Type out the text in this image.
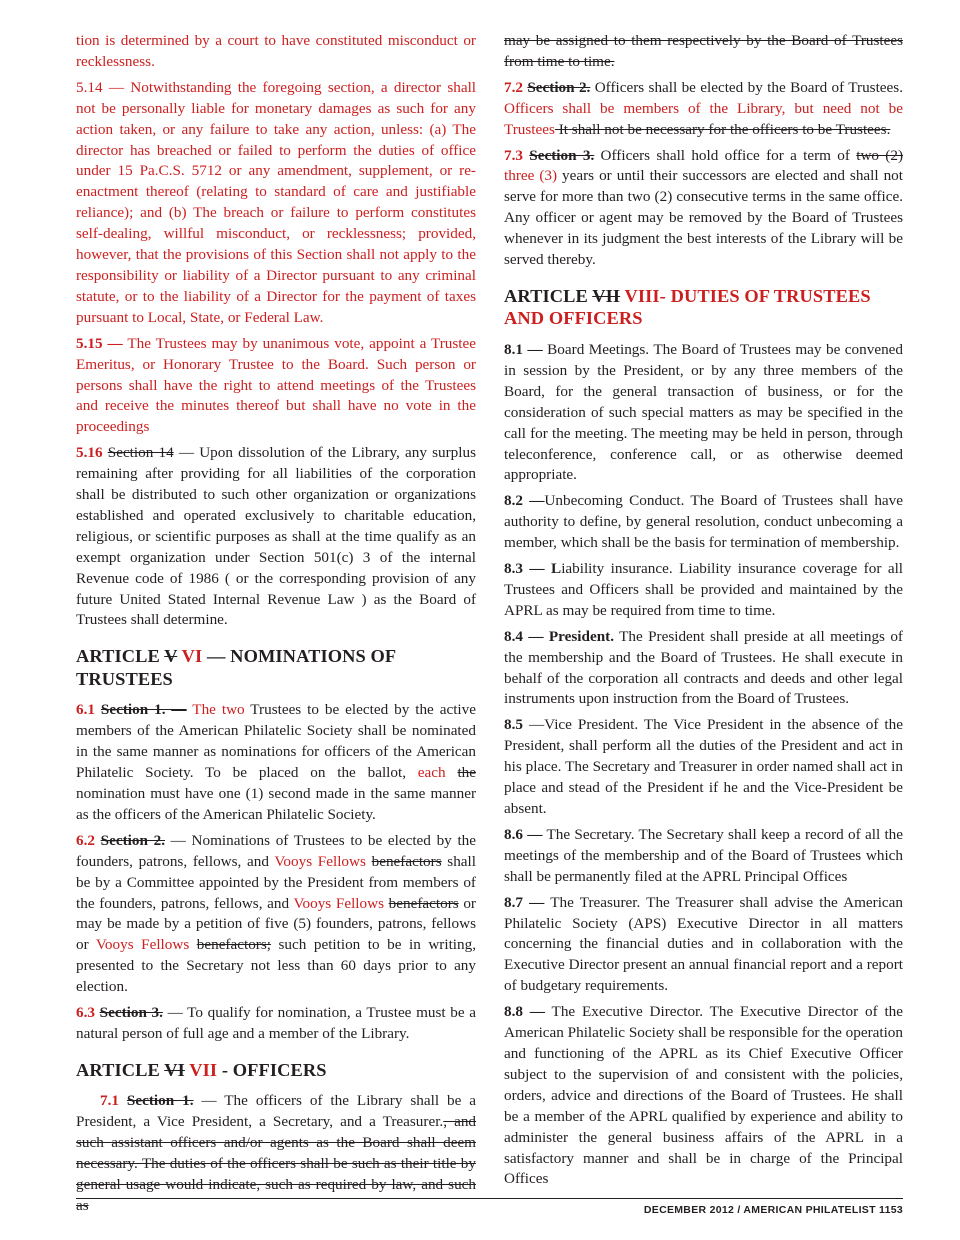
tion is determined by a court to have constituted misconduct or recklessness.

5.14 — Notwithstanding the foregoing section, a director shall not be personally liable for monetary damages as such for any action taken, or any failure to take any action, unless: (a) The director has breached or failed to perform the duties of office under 15 Pa.C.S. 5712 or any amendment, supplement, or re-enactment thereof (relating to standard of care and justifiable reliance); and (b) The breach or failure to perform constitutes self-dealing, willful misconduct, or recklessness; provided, however, that the provisions of this Section shall not apply to the responsibility or liability of a Director pursuant to any criminal statute, or to the liability of a Director for the payment of taxes pursuant to Local, State, or Federal Law.

5.15 — The Trustees may by unanimous vote, appoint a Trustee Emeritus, or Honorary Trustee to the Board. Such person or persons shall have the right to attend meetings of the Trustees and receive the minutes thereof but shall have no vote in the proceedings

5.16 Section 14 — Upon dissolution of the Library, any surplus remaining after providing for all liabilities of the corporation shall be distributed to such other organization or organizations established and operated exclusively to charitable education, religious, or scientific purposes as shall at the time qualify as an exempt organization under Section 501(c) 3 of the internal Revenue code of 1986 ( or the corresponding provision of any future United Stated Internal Revenue Law ) as the Board of Trustees shall determine.

ARTICLE V VI — NOMINATIONS OF TRUSTEES

6.1 Section 1. — The two Trustees to be elected by the active members of the American Philatelic Society shall be nominated in the same manner as nominations for officers of the American Philatelic Society. To be placed on the ballot, each the nomination must have one (1) second made in the same manner as the officers of the American Philatelic Society.

6.2 Section 2. — Nominations of Trustees to be elected by the founders, patrons, fellows, and Vooys Fellows benefactors shall be by a Committee appointed by the President from members of the founders, patrons, fellows, and Vooys Fellows benefactors or may be made by a petition of five (5) founders, patrons, fellows or Vooys Fellows benefactors; such petition to be in writing, presented to the Secretary not less than 60 days prior to any election.

6.3 Section 3. — To qualify for nomination, a Trustee must be a natural person of full age and a member of the Library.

ARTICLE VI VII - OFFICERS

7.1 Section 1. — The officers of the Library shall be a President, a Vice President, a Secretary, and a Treasurer., and such assistant officers and/or agents as the Board shall deem necessary. The duties of the officers shall be such as their title by general usage would indicate, such as required by law, and such as

may be assigned to them respectively by the Board of Trustees from time to time.

7.2 Section 2. Officers shall be elected by the Board of Trustees. Officers shall be members of the Library, but need not be Trustees It shall not be necessary for the officers to be Trustees.

7.3 Section 3. Officers shall hold office for a term of two (2) three (3) years or until their successors are elected and shall not serve for more than two (2) consecutive terms in the same office. Any officer or agent may be removed by the Board of Trustees whenever in its judgment the best interests of the Library will be served thereby.

ARTICLE VII VIII- DUTIES OF TRUSTEES AND OFFICERS

8.1 — Board Meetings. The Board of Trustees may be convened in session by the President, or by any three members of the Board, for the general transaction of business, or for the consideration of such special matters as may be specified in the call for the meeting. The meeting may be held in person, through teleconference, conference call, or as otherwise deemed appropriate.

8.2 —Unbecoming Conduct. The Board of Trustees shall have authority to define, by general resolution, conduct unbecoming a member, which shall be the basis for termination of membership.

8.3 — Liability insurance. Liability insurance coverage for all Trustees and Officers shall be provided and maintained by the APRL as may be required from time to time.

8.4 — President. The President shall preside at all meetings of the membership and the Board of Trustees. He shall execute in behalf of the corporation all contracts and deeds and other legal instruments upon instruction from the Board of Trustees.

8.5 —Vice President. The Vice President in the absence of the President, shall perform all the duties of the President and act in his place. The Secretary and Treasurer in order named shall act in place and stead of the President if he and the Vice-President be absent.

8.6 — The Secretary. The Secretary shall keep a record of all the meetings of the membership and of the Board of Trustees which shall be permanently filed at the APRL Principal Offices

8.7 — The Treasurer. The Treasurer shall advise the American Philatelic Society (APS) Executive Director in all matters concerning the financial duties and in collaboration with the Executive Director present an annual financial report and a report of budgetary requirements.

8.8 — The Executive Director. The Executive Director of the American Philatelic Society shall be responsible for the operation and functioning of the APRL as its Chief Executive Officer subject to the supervision of and consistent with the policies, orders, advice and directions of the Board of Trustees. He shall be a member of the APRL qualified by experience and ability to administer the general business affairs of the APRL in a satisfactory manner and shall be in charge of the Principal Offices

DECEMBER 2012 / AMERICAN PHILATELIST 1153
